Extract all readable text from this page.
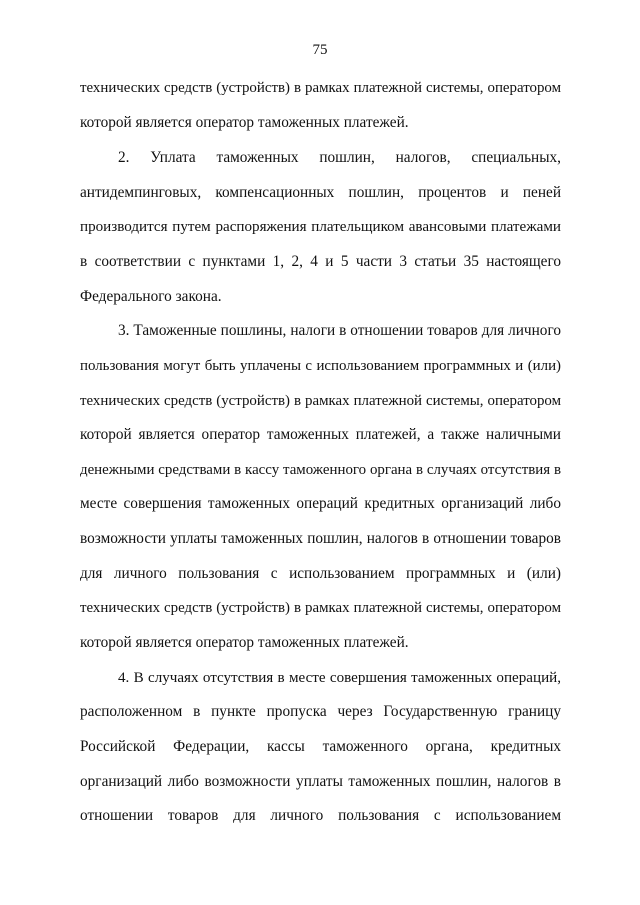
75
технических средств (устройств) в рамках платежной системы, оператором
которой является оператор таможенных платежей.
2. Уплата таможенных пошлин, налогов, специальных,
антидемпинговых, компенсационных пошлин, процентов и пеней
производится путем распоряжения плательщиком авансовыми платежами
в соответствии с пунктами 1, 2, 4 и 5 части 3 статьи 35 настоящего
Федерального закона.
3. Таможенные пошлины, налоги в отношении товаров для личного
пользования могут быть уплачены с использованием программных и (или)
технических средств (устройств) в рамках платежной системы, оператором
которой является оператор таможенных платежей, а также наличными
денежными средствами в кассу таможенного органа в случаях отсутствия в
месте совершения таможенных операций кредитных организаций либо
возможности уплаты таможенных пошлин, налогов в отношении товаров
для личного пользования с использованием программных и (или)
технических средств (устройств) в рамках платежной системы, оператором
которой является оператор таможенных платежей.
4. В случаях отсутствия в месте совершения таможенных операций,
расположенном в пункте пропуска через Государственную границу
Российской Федерации, кассы таможенного органа, кредитных
организаций либо возможности уплаты таможенных пошлин, налогов в
отношении товаров для личного пользования с использованием
